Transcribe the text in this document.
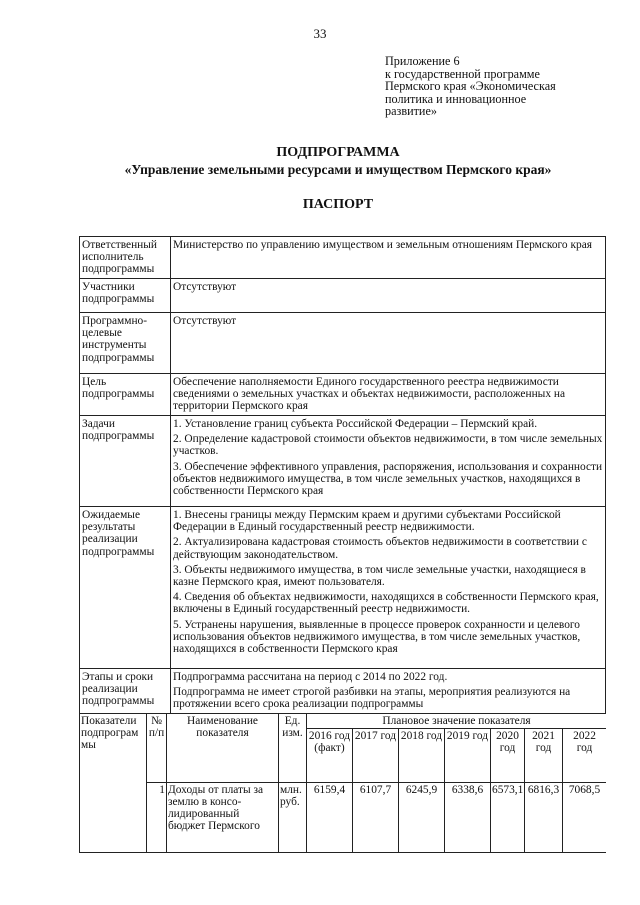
33
Приложение 6
к государственной программе
Пермского края «Экономическая
политика и инновационное
развитие»
ПОДПРОГРАММА
«Управление земельными ресурсами и имуществом Пермского края»
ПАСПОРТ
Ответственный исполнитель подпрограммы	Министерство по управлению имуществом и земельным отношениям Пермского края
Участники подпрограммы	Отсутствуют
Программно-целевые инструменты подпрограммы	Отсутствуют
Цель подпрограммы	Обеспечение наполняемости Единого государственного реестра недвижимости сведениями о земельных участках и объектах недвижимости, расположенных на территории Пермского края
Задачи подпрограммы	1. Установление границ субъекта Российской Федерации – Пермский край.
2. Определение кадастровой стоимости объектов недвижимости, в том числе земельных участков.
3. Обеспечение эффективного управления, распоряжения, использования и сохранности объектов недвижимого имущества, в том числе земельных участков, находящихся в собственности Пермского края

Ожидаемые результаты реализации подпрограммы	1. Внесены границы между Пермским краем и другими субъектами Российской Федерации в Единый государственный реестр недвижимости.
2. Актуализирована кадастровая стоимость объектов недвижимости в соответствии с действующим законодательством.
3. Объекты недвижимого имущества, в том числе земельные участки, находящиеся в казне Пермского края, имеют пользователя.
4. Сведения об объектах недвижимости, находящихся в собственности Пермского края, включены в Единый государственный реестр недвижимости.
5. Устранены нарушения, выявленные в процессе проверок сохранности и целевого использования объектов недвижимого имущества, в том числе земельных участков, находящихся в собственности Пермского края

Этапы и сроки реализации подпрограммы	Подпрограмма рассчитана на период с 2014 по 2022 год.
Подпрограмма не имеет строгой разбивки на этапы, мероприятия реализуются на протяжении всего срока реализации подпрограммы
Показатели подпрограм мы	№ п/п	Наименование показателя	Ед. изм.	Плановое значение показателя						
				2016 год (факт)	2017 год	2018 год	2019 год	2020 год	2021 год	2022 год
	1	Доходы от платы за землю в консо-лидированный бюджет Пермского	млн. руб.	6159,4	6107,7	6245,9	6338,6	6573,1	6816,3	7068,5
